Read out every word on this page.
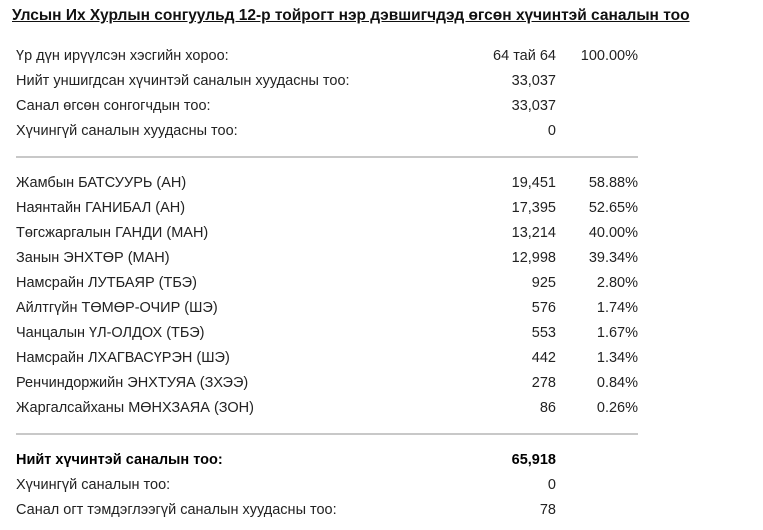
Улсын Их Хурлын сонгуульд 12-р тойрогт нэр дэвшигчдэд өгсөн хүчинтэй саналын тоо
Үр дүн ирүүлсэн хэсгийн хороо:	64 тай 64 100.00%
Нийт уншигдсан хүчинтэй саналын хуудасны тоо:	33,037
Санал өгсөн сонгогчдын тоо:	33,037
Хүчингүй саналын хуудасны тоо:	0
Жамбын БАТСУУРЬ (АН)	19,451 58.88%
Наянтайн ГАНИБАЛ (АН)	17,395 52.65%
Төгсжаргалын ГАНДИ (МАН)	13,214 40.00%
Занын ЭНХТӨР (МАН)	12,998 39.34%
Намсрайн ЛУТБАЯР (ТБЭ)	925	2.80%
Айлтгүйн ТӨМӨР-ОЧИР (ШЭ)	576	1.74%
Чанцалын ҮЛ-ОЛДОХ (ТБЭ)	553	1.67%
Намсрайн ЛХАГВАСҮРЭН (ШЭ)	442	1.34%
Ренчиндоржийн ЭНХТУЯА (ЗХЭЭ)	278	0.84%
Жаргалсайханы МӨНХЗАЯА (ЗОН)	86	0.26%
Нийт хүчинтэй саналын тоо:	65,918
Хүчингүй саналын тоо:	0
Санал огт тэмдэглээгүй саналын хуудасны тоо:	78
